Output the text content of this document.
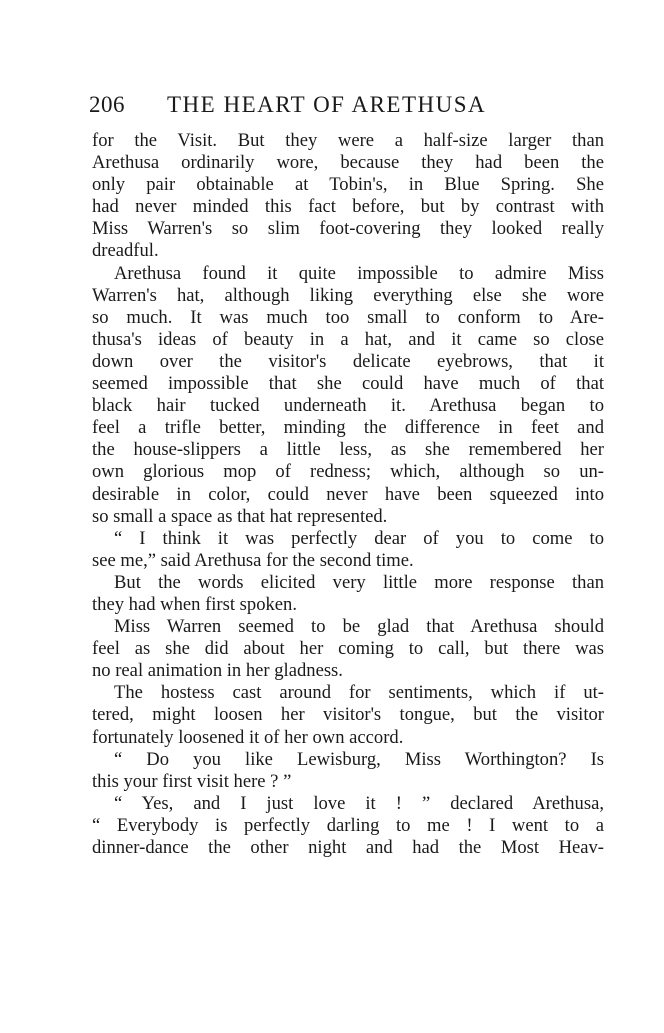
206	THE HEART OF ARETHUSA
for the Visit. But they were a half-size larger than
Arethusa ordinarily wore, because they had been the
only pair obtainable at Tobin's, in Blue Spring. She
had never minded this fact before, but by contrast with
Miss Warren's so slim foot-covering they looked really
dreadful.
Arethusa found it quite impossible to admire Miss
Warren's hat, although liking everything else she wore
so much. It was much too small to conform to Are-
thusa's ideas of beauty in a hat, and it came so close
down over the visitor's delicate eyebrows, that it
seemed impossible that she could have much of that
black hair tucked underneath it. Arethusa began to
feel a trifle better, minding the difference in feet and
the house-slippers a little less, as she remembered her
own glorious mop of redness; which, although so un-
desirable in color, could never have been squeezed into
so small a space as that hat represented.
“ I think it was perfectly dear of you to come to
see me,” said Arethusa for the second time.
But the words elicited very little more response than
they had when first spoken.
Miss Warren seemed to be glad that Arethusa should
feel as she did about her coming to call, but there was
no real animation in her gladness.
The hostess cast around for sentiments, which if ut-
tered, might loosen her visitor's tongue, but the visitor
fortunately loosened it of her own accord.
“ Do you like Lewisburg, Miss Worthington? Is
this your first visit here ? ”
“ Yes, and I just love it ! ” declared Arethusa,
“ Everybody is perfectly darling to me ! I went to a
dinner-dance the other night and had the Most Heav-
